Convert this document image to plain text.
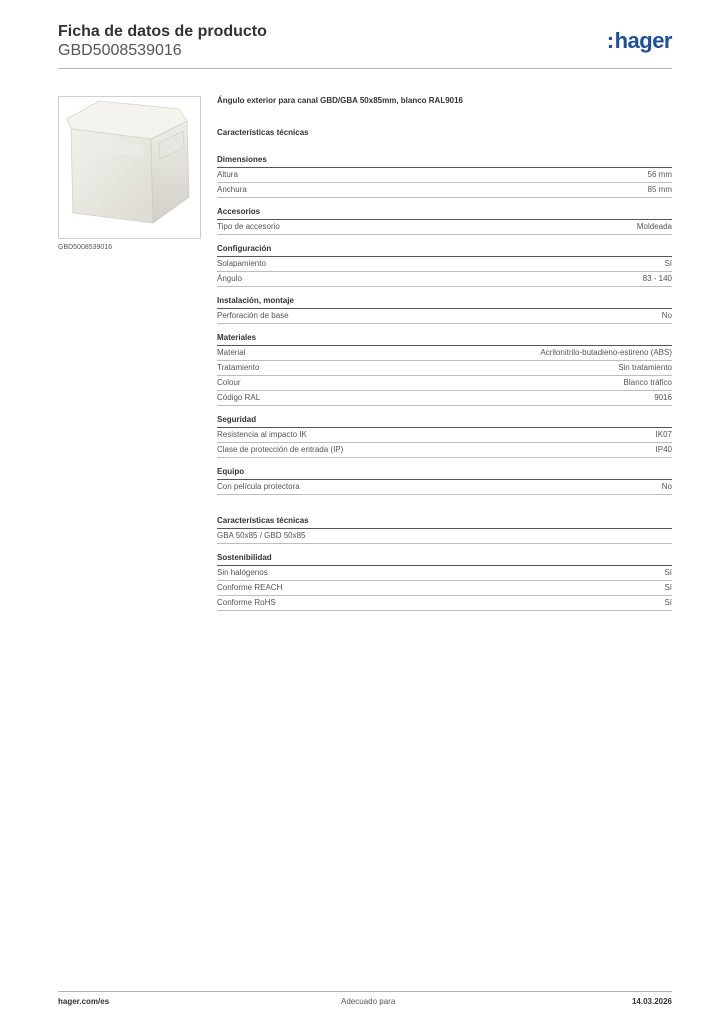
Ficha de datos de producto
GBD5008539016	:hager
GBD5008539016
Ángulo exterior para canal GBD/GBA 50x85mm, blanco RAL9016
Características técnicas
Dimensiones
Altura	56 mm
Anchura	85 mm
Accesorios
Tipo de accesorio	Moldeada
Configuración
Solapamiento	Sí
Ángulo	83 - 140
Instalación, montaje
Perforación de base	No
Materiales
Material	Acrilonitrilo-butadieno-estireno (ABS)
Tratamiento	Sin tratamiento
Colour	Blanco tráfico
Código RAL	9016
Seguridad
Resistencia al impacto IK	IK07
Clase de protección de entrada (IP)	IP40
Equipo
Con película protectora	No
Características técnicas
GBA 50x85 / GBD 50x85
Sostenibilidad
Sin halógenos	Sí
Conforme REACH	Sí
Conforme RoHS	Sí
hager.com/es	Adecuado para	14.03.2026
